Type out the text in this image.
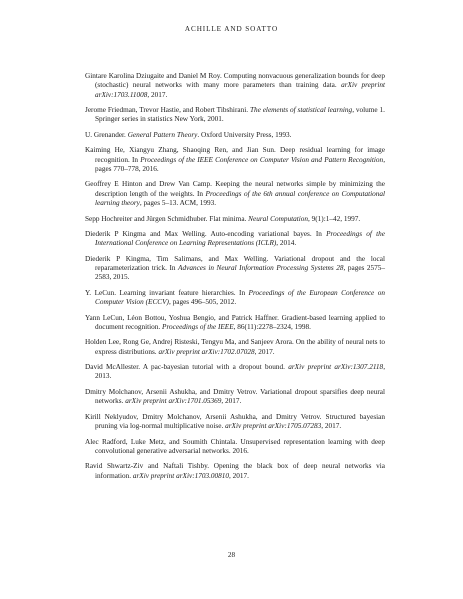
ACHILLE AND SOATTO

Gintare Karolina Dziugaite and Daniel M Roy. Computing nonvacuous generalization bounds for deep (stochastic) neural networks with many more parameters than training data. arXiv preprint arXiv:1703.11008, 2017.

Jerome Friedman, Trevor Hastie, and Robert Tibshirani. The elements of statistical learning, volume 1. Springer series in statistics New York, 2001.

U. Grenander. General Pattern Theory. Oxford University Press, 1993.

Kaiming He, Xiangyu Zhang, Shaoqing Ren, and Jian Sun. Deep residual learning for image recognition. In Proceedings of the IEEE Conference on Computer Vision and Pattern Recognition, pages 770–778, 2016.

Geoffrey E Hinton and Drew Van Camp. Keeping the neural networks simple by minimizing the description length of the weights. In Proceedings of the 6th annual conference on Computational learning theory, pages 5–13. ACM, 1993.

Sepp Hochreiter and Jürgen Schmidhuber. Flat minima. Neural Computation, 9(1):1–42, 1997.

Diederik P Kingma and Max Welling. Auto-encoding variational bayes. In Proceedings of the International Conference on Learning Representations (ICLR), 2014.

Diederik P Kingma, Tim Salimans, and Max Welling. Variational dropout and the local reparameterization trick. In Advances in Neural Information Processing Systems 28, pages 2575–2583, 2015.

Y. LeCun. Learning invariant feature hierarchies. In Proceedings of the European Conference on Computer Vision (ECCV), pages 496–505, 2012.

Yann LeCun, Léon Bottou, Yoshua Bengio, and Patrick Haffner. Gradient-based learning applied to document recognition. Proceedings of the IEEE, 86(11):2278–2324, 1998.

Holden Lee, Rong Ge, Andrej Risteski, Tengyu Ma, and Sanjeev Arora. On the ability of neural nets to express distributions. arXiv preprint arXiv:1702.07028, 2017.

David McAllester. A pac-bayesian tutorial with a dropout bound. arXiv preprint arXiv:1307.2118, 2013.

Dmitry Molchanov, Arsenii Ashukha, and Dmitry Vetrov. Variational dropout sparsifies deep neural networks. arXiv preprint arXiv:1701.05369, 2017.

Kirill Neklyudov, Dmitry Molchanov, Arsenii Ashukha, and Dmitry Vetrov. Structured bayesian pruning via log-normal multiplicative noise. arXiv preprint arXiv:1705.07283, 2017.

Alec Radford, Luke Metz, and Soumith Chintala. Unsupervised representation learning with deep convolutional generative adversarial networks. 2016.

Ravid Shwartz-Ziv and Naftali Tishby. Opening the black box of deep neural networks via information. arXiv preprint arXiv:1703.00810, 2017.

28
